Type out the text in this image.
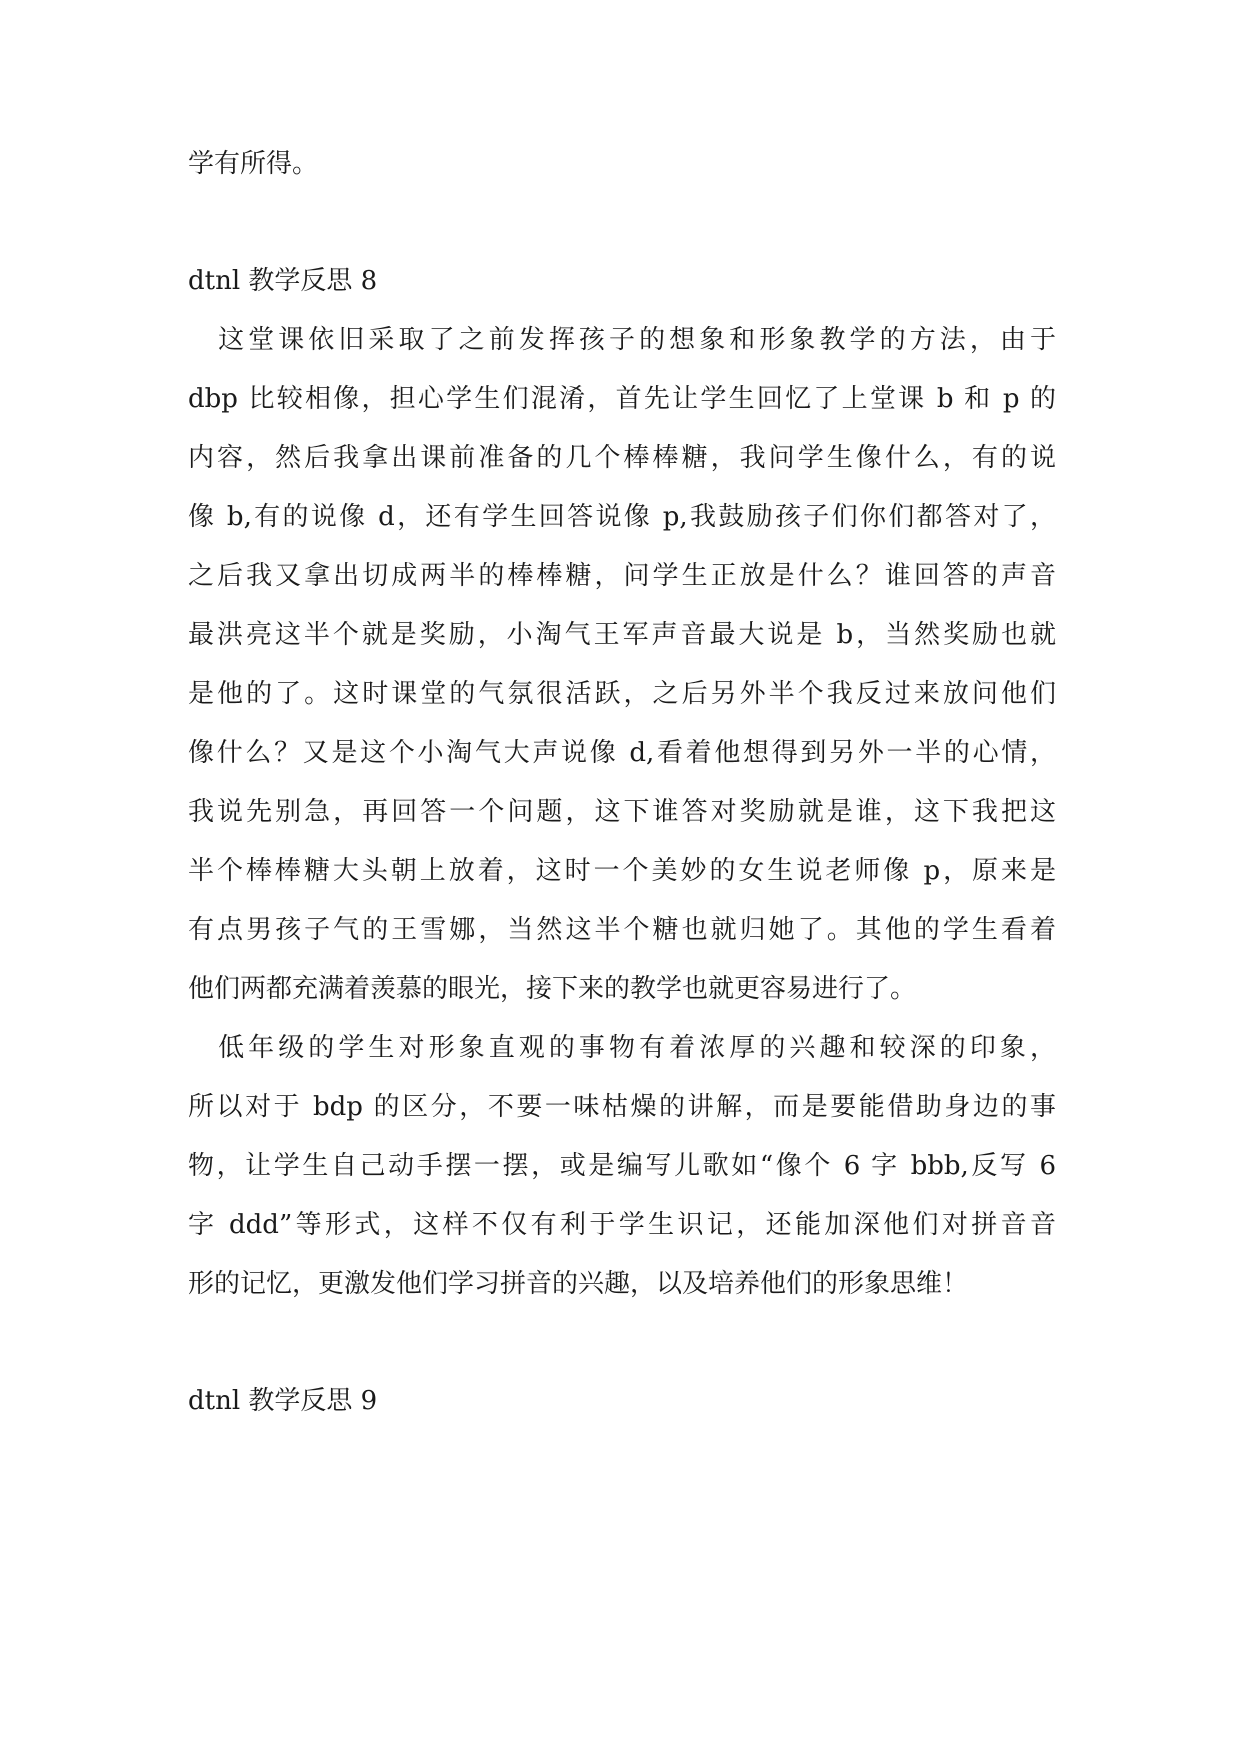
学有所得。
dtnl 教学反思 8
　这堂课依旧采取了之前发挥孩子的想象和形象教学的方法，由于
dbp 比较相像，担心学生们混淆，首先让学生回忆了上堂课 b 和 p 的
内容，然后我拿出课前准备的几个棒棒糖，我问学生像什么，有的说
像 b,有的说像 d，还有学生回答说像 p,我鼓励孩子们你们都答对了，
之后我又拿出切成两半的棒棒糖，问学生正放是什么？谁回答的声音
最洪亮这半个就是奖励，小淘气王军声音最大说是 b，当然奖励也就
是他的了。这时课堂的气氛很活跃，之后另外半个我反过来放问他们
像什么？又是这个小淘气大声说像 d,看着他想得到另外一半的心情，
我说先别急，再回答一个问题，这下谁答对奖励就是谁，这下我把这
半个棒棒糖大头朝上放着，这时一个美妙的女生说老师像 p，原来是
有点男孩子气的王雪娜，当然这半个糖也就归她了。其他的学生看着
他们两都充满着羡慕的眼光，接下来的教学也就更容易进行了。
　低年级的学生对形象直观的事物有着浓厚的兴趣和较深的印象，
所以对于 bdp 的区分，不要一味枯燥的讲解，而是要能借助身边的事
物，让学生自己动手摆一摆，或是编写儿歌如“像个 6 字 bbb,反写 6
字 ddd”等形式，这样不仅有利于学生识记，还能加深他们对拼音音
形的记忆，更激发他们学习拼音的兴趣，以及培养他们的形象思维！
dtnl 教学反思 9
